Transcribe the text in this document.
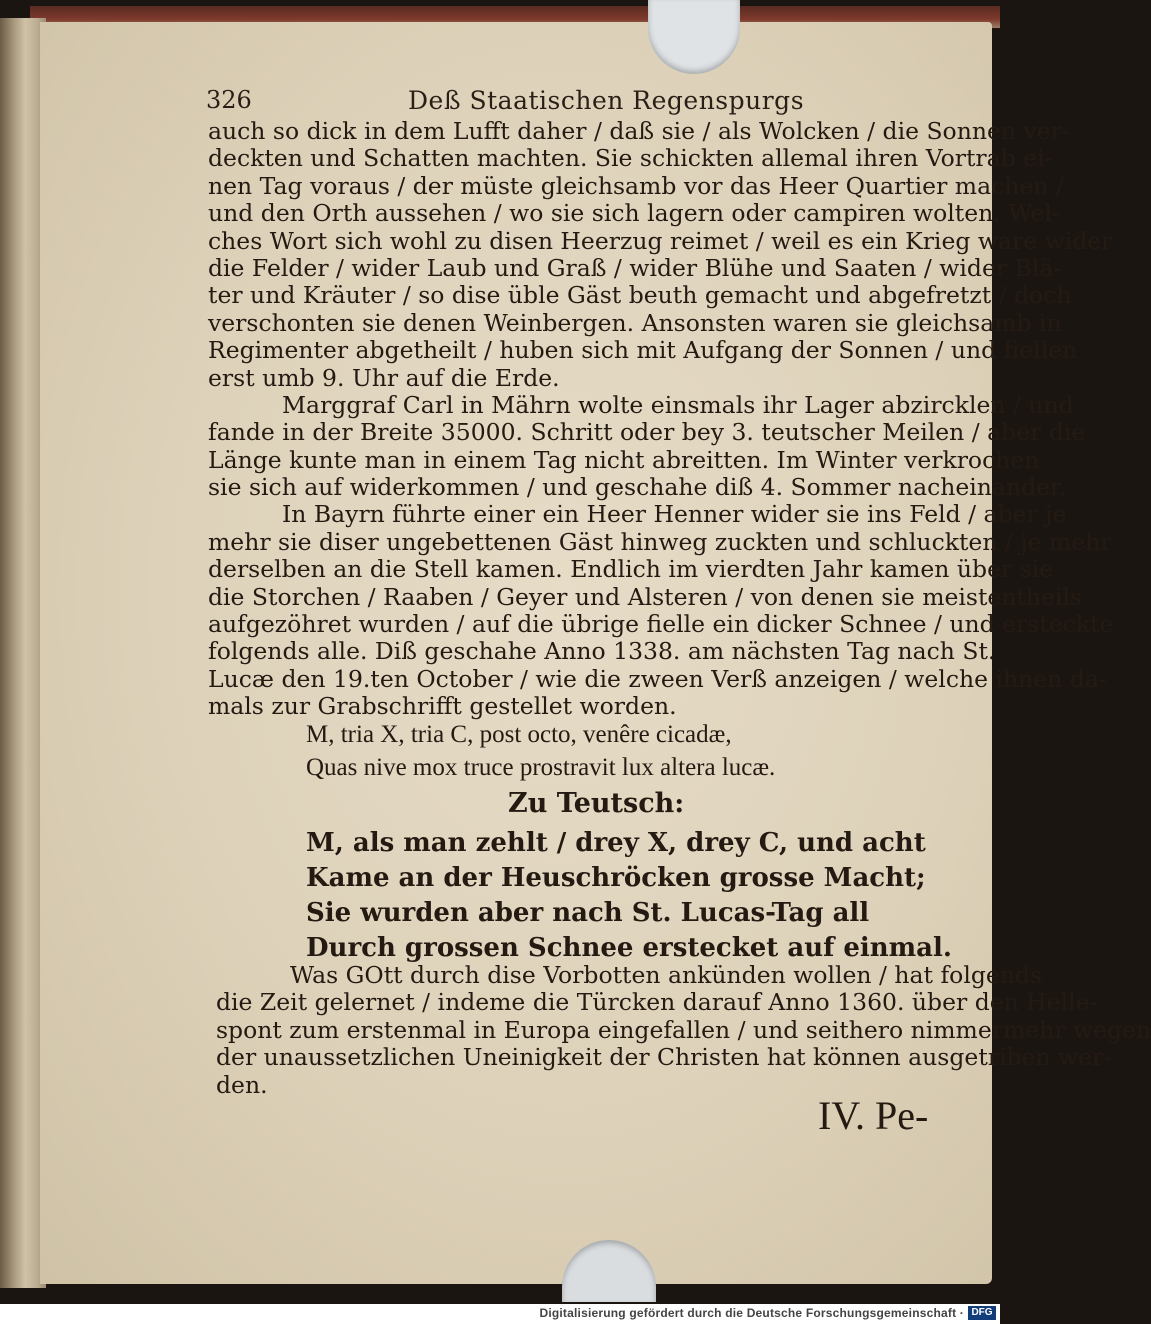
326	Deß Staatischen Regenspurgs
auch so dick in dem Lufft daher / daß sie / als Wolcken / die Sonnen ver-
deckten und Schatten machten. Sie schickten allemal ihren Vortrab ei-
nen Tag voraus / der müste gleichsamb vor das Heer Quartier machen /
und den Orth aussehen / wo sie sich lagern oder campiren wolten. Wel-
ches Wort sich wohl zu disen Heerzug reimet / weil es ein Krieg ware wider
die Felder / wider Laub und Graß / wider Blühe und Saaten / wider Blä-
ter und Kräuter / so dise üble Gäst beuth gemacht und abgefretzt / doch
verschonten sie denen Weinbergen. Ansonsten waren sie gleichsamb in
Regimenter abgetheilt / huben sich mit Aufgang der Sonnen / und fiellen
erst umb 9. Uhr auf die Erde.
Marggraf Carl in Mährn wolte einsmals ihr Lager abzircklen / und
fande in der Breite 35000. Schritt oder bey 3. teutscher Meilen / aber die
Länge kunte man in einem Tag nicht abreitten. Im Winter verkrochen
sie sich auf widerkommen / und geschahe diß 4. Sommer nacheinander.
In Bayrn führte einer ein Heer Henner wider sie ins Feld / aber je
mehr sie diser ungebettenen Gäst hinweg zuckten und schluckten / je mehr
derselben an die Stell kamen. Endlich im vierdten Jahr kamen über sie
die Storchen / Raaben / Geyer und Alsteren / von denen sie meistentheils
aufgezöhret wurden / auf die übrige fielle ein dicker Schnee / und ersteckte
folgends alle. Diß geschahe Anno 1338. am nächsten Tag nach St.
Lucæ den 19.ten October / wie die zween Verß anzeigen / welche ihnen da-
mals zur Grabschrifft gestellet worden.
M, tria X, tria C, post octo, venêre cicadæ,
Quas nive mox truce prostravit lux altera lucæ.
Zu Teutsch:
M, als man zehlt / drey X, drey C, und acht
Kame an der Heuschröcken grosse Macht;
Sie wurden aber nach St. Lucas-Tag all
Durch grossen Schnee erstecket auf einmal.
Was GOtt durch dise Vorbotten ankünden wollen / hat folgends
die Zeit gelernet / indeme die Türcken darauf Anno 1360. über den Helle-
spont zum erstenmal in Europa eingefallen / und seithero nimmermehr wegen
der unaussetzlichen Uneinigkeit der Christen hat können ausgetriben wer-
den.
IV. Pe-
Digitalisierung gefördert durch die Deutsche Forschungsgemeinschaft · DFG
